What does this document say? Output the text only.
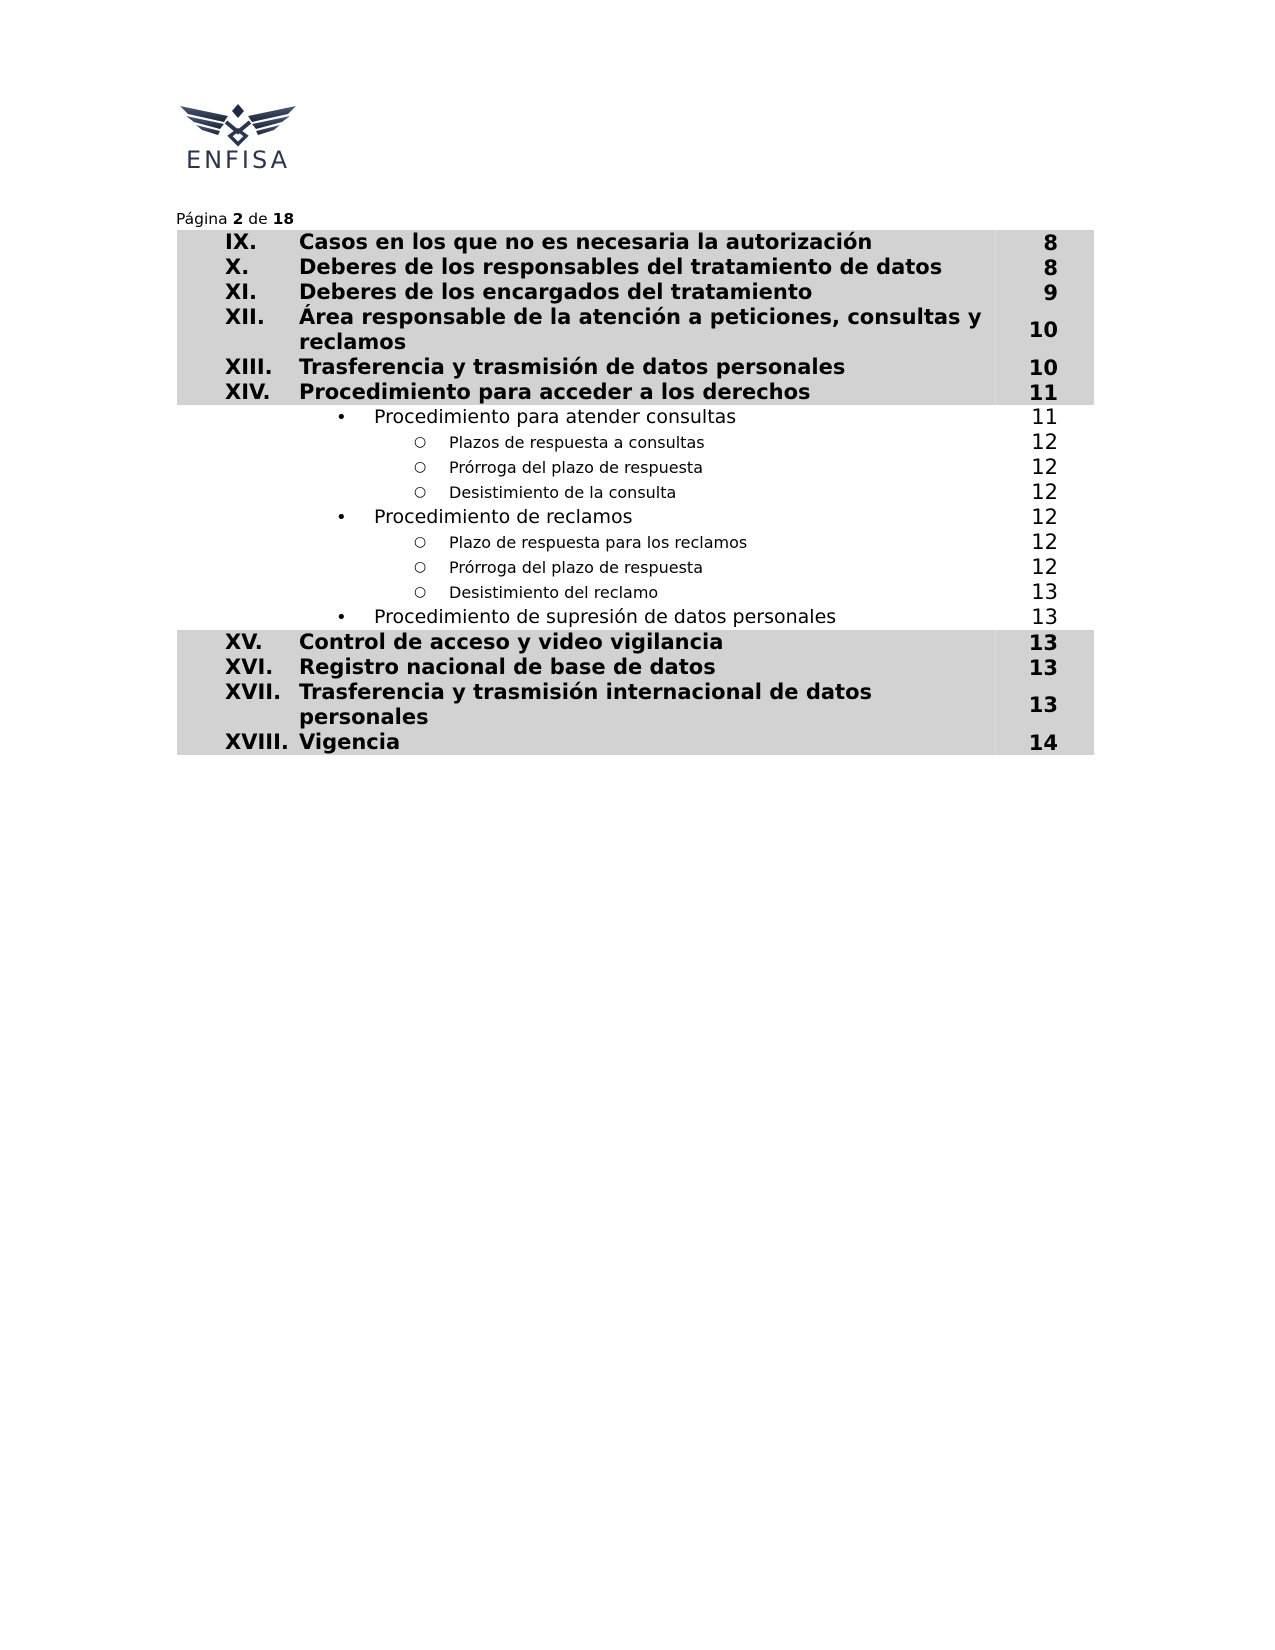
ENFISA
Página 2 de 18
IX. Casos en los que no es necesaria la autorización	8
X. Deberes de los responsables del tratamiento de datos	8
XI. Deberes de los encargados del tratamiento	9
XII. Área responsable de la atención a peticiones, consultas y reclamos	10
XIII. Trasferencia y trasmisión de datos personales	10
XIV. Procedimiento para acceder a los derechos	11
• Procedimiento para atender consultas	11
○ Plazos de respuesta a consultas	12
○ Prórroga del plazo de respuesta	12
○ Desistimiento de la consulta	12
• Procedimiento de reclamos	12
○ Plazo de respuesta para los reclamos	12
○ Prórroga del plazo de respuesta	12
○ Desistimiento del reclamo	13
• Procedimiento de supresión de datos personales	13
XV. Control de acceso y video vigilancia	13
XVI. Registro nacional de base de datos	13
XVII. Trasferencia y trasmisión internacional de datos personales	13
XVIII. Vigencia	14
